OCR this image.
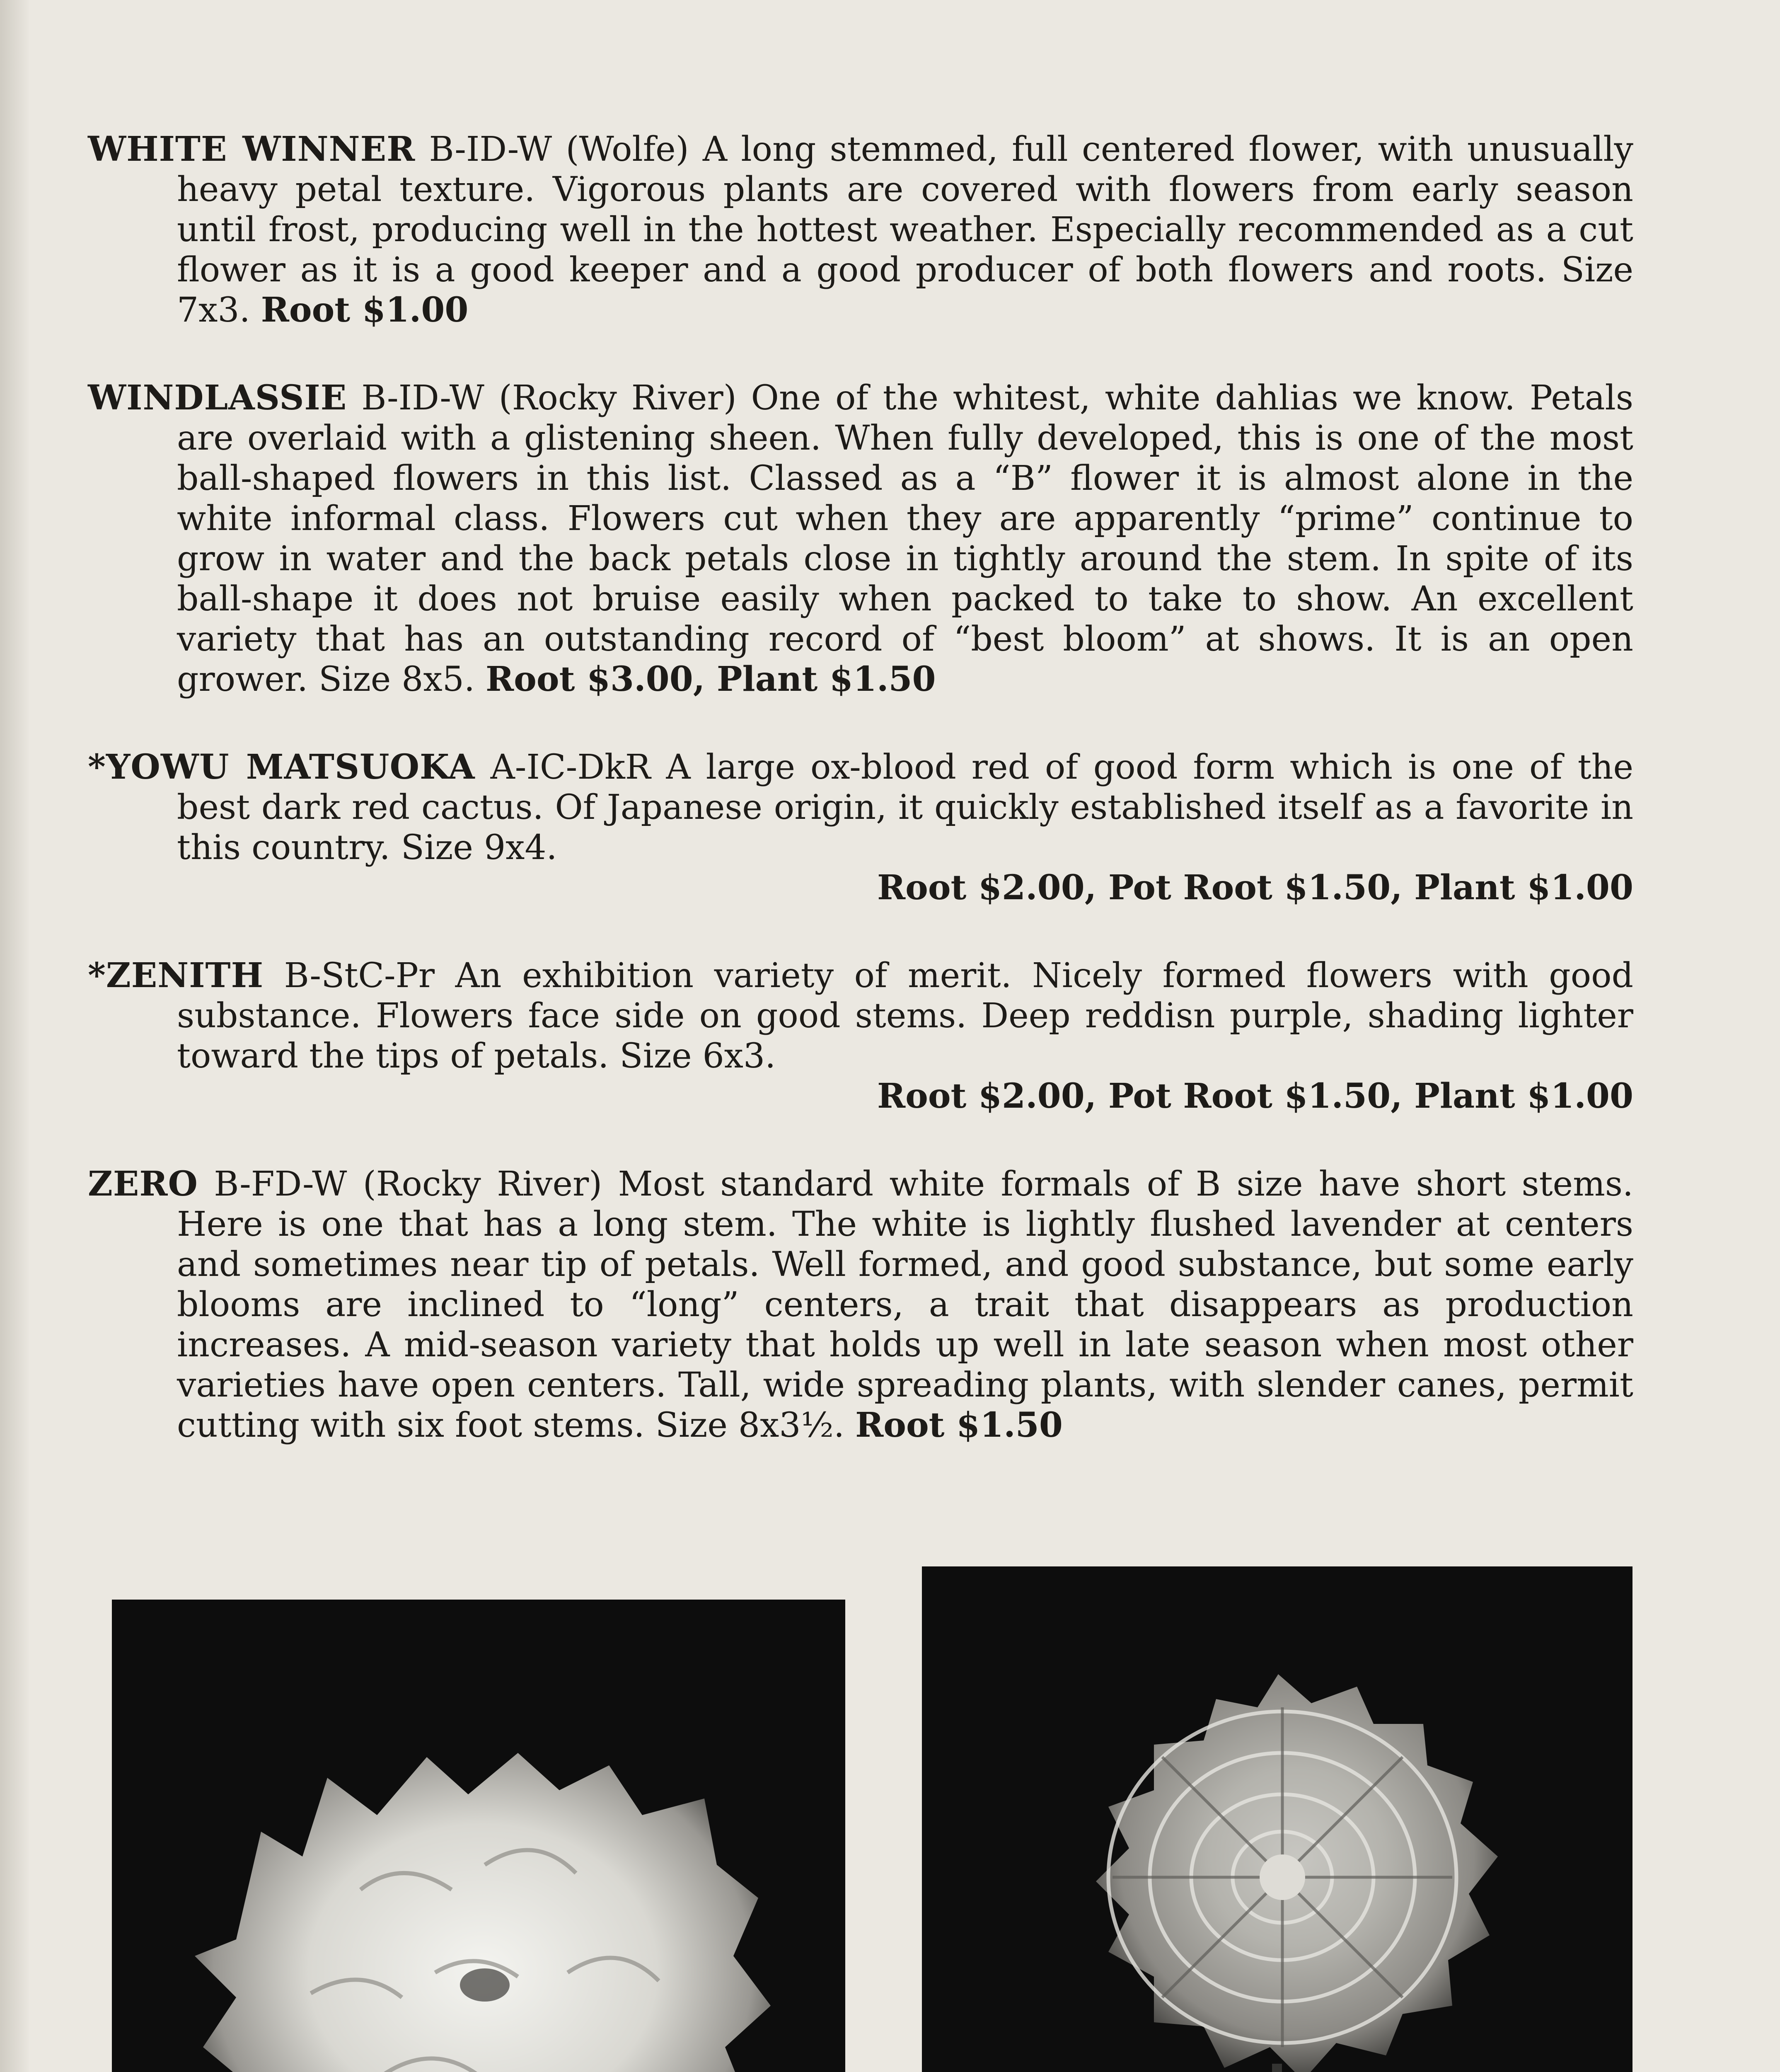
WHITE WINNER B-ID-W (Wolfe) A long stemmed, full centered flower, with unusually heavy petal texture. Vigorous plants are covered with flowers from early season until frost, producing well in the hottest weather. Especially recommended as a cut flower as it is a good keeper and a good producer of both flowers and roots. Size 7x3. Root $1.00

WINDLASSIE B-ID-W (Rocky River) One of the whitest, white dahlias we know. Petals are overlaid with a glistening sheen. When fully developed, this is one of the most ball-shaped flowers in this list. Classed as a “B” flower it is almost alone in the white informal class. Flowers cut when they are apparently “prime” continue to grow in water and the back petals close in tightly around the stem. In spite of its ball-shape it does not bruise easily when packed to take to show. An excellent variety that has an outstanding record of “best bloom” at shows. It is an open grower. Size 8x5. Root $3.00, Plant $1.50

*YOWU MATSUOKA A-IC-DkR A large ox-blood red of good form which is one of the best dark red cactus. Of Japanese origin, it quickly established itself as a favorite in this country. Size 9x4.
Root $2.00, Pot Root $1.50, Plant $1.00

*ZENITH B-StC-Pr An exhibition variety of merit. Nicely formed flowers with good substance. Flowers face side on good stems. Deep reddisn purple, shading lighter toward the tips of petals. Size 6x3.
Root $2.00, Pot Root $1.50, Plant $1.00

ZERO B-FD-W (Rocky River) Most standard white formals of B size have short stems. Here is one that has a long stem. The white is lightly flushed lavender at centers and sometimes near tip of petals. Well formed, and good substance, but some early blooms are inclined to “long” centers, a trait that disappears as production increases. A mid-season variety that holds up well in late season when most other varieties have open centers. Tall, wide spreading plants, with slender canes, permit cutting with six foot stems. Size 8x3½. Root $1.50
